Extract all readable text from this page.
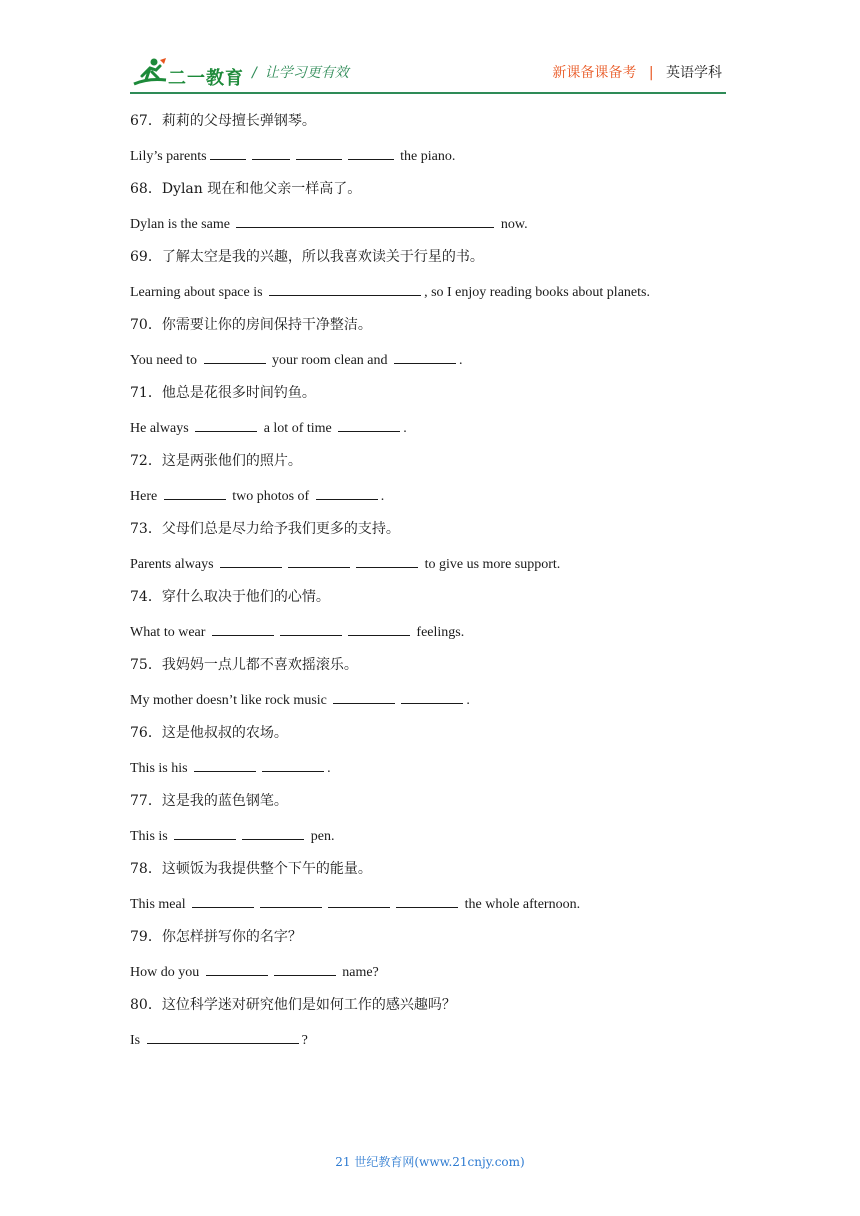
二一教育 / 让学习更有效	新课备课备考 | 英语学科
67．莉莉的父母擅长弹钢琴。
Lily’s parents	the piano.
68．Dylan 现在和他父亲一样高了。
Dylan is the same	now.
69．了解太空是我的兴趣，所以我喜欢读关于行星的书。
Learning about space is	, so I enjoy reading books about planets.
70．你需要让你的房间保持干净整洁。
You need to	your room clean and	.
71．他总是花很多时间钓鱼。
He always	a lot of time	.
72．这是两张他们的照片。
Here	two photos of	.
73．父母们总是尽力给予我们更多的支持。
Parents always	to give us more support.
74．穿什么取决于他们的心情。
What to wear	feelings.
75．我妈妈一点儿都不喜欢摇滚乐。
My mother doesn’t like rock music	.
76．这是他叔叔的农场。
This is his	.
77．这是我的蓝色钢笔。
This is	pen.
78．这顿饭为我提供整个下午的能量。
This meal	the whole afternoon.
79．你怎样拼写你的名字？
How do you	name?
80．这位科学迷对研究他们是如何工作的感兴趣吗？
Is	?
21 世纪教育网(www.21cnjy.com)
